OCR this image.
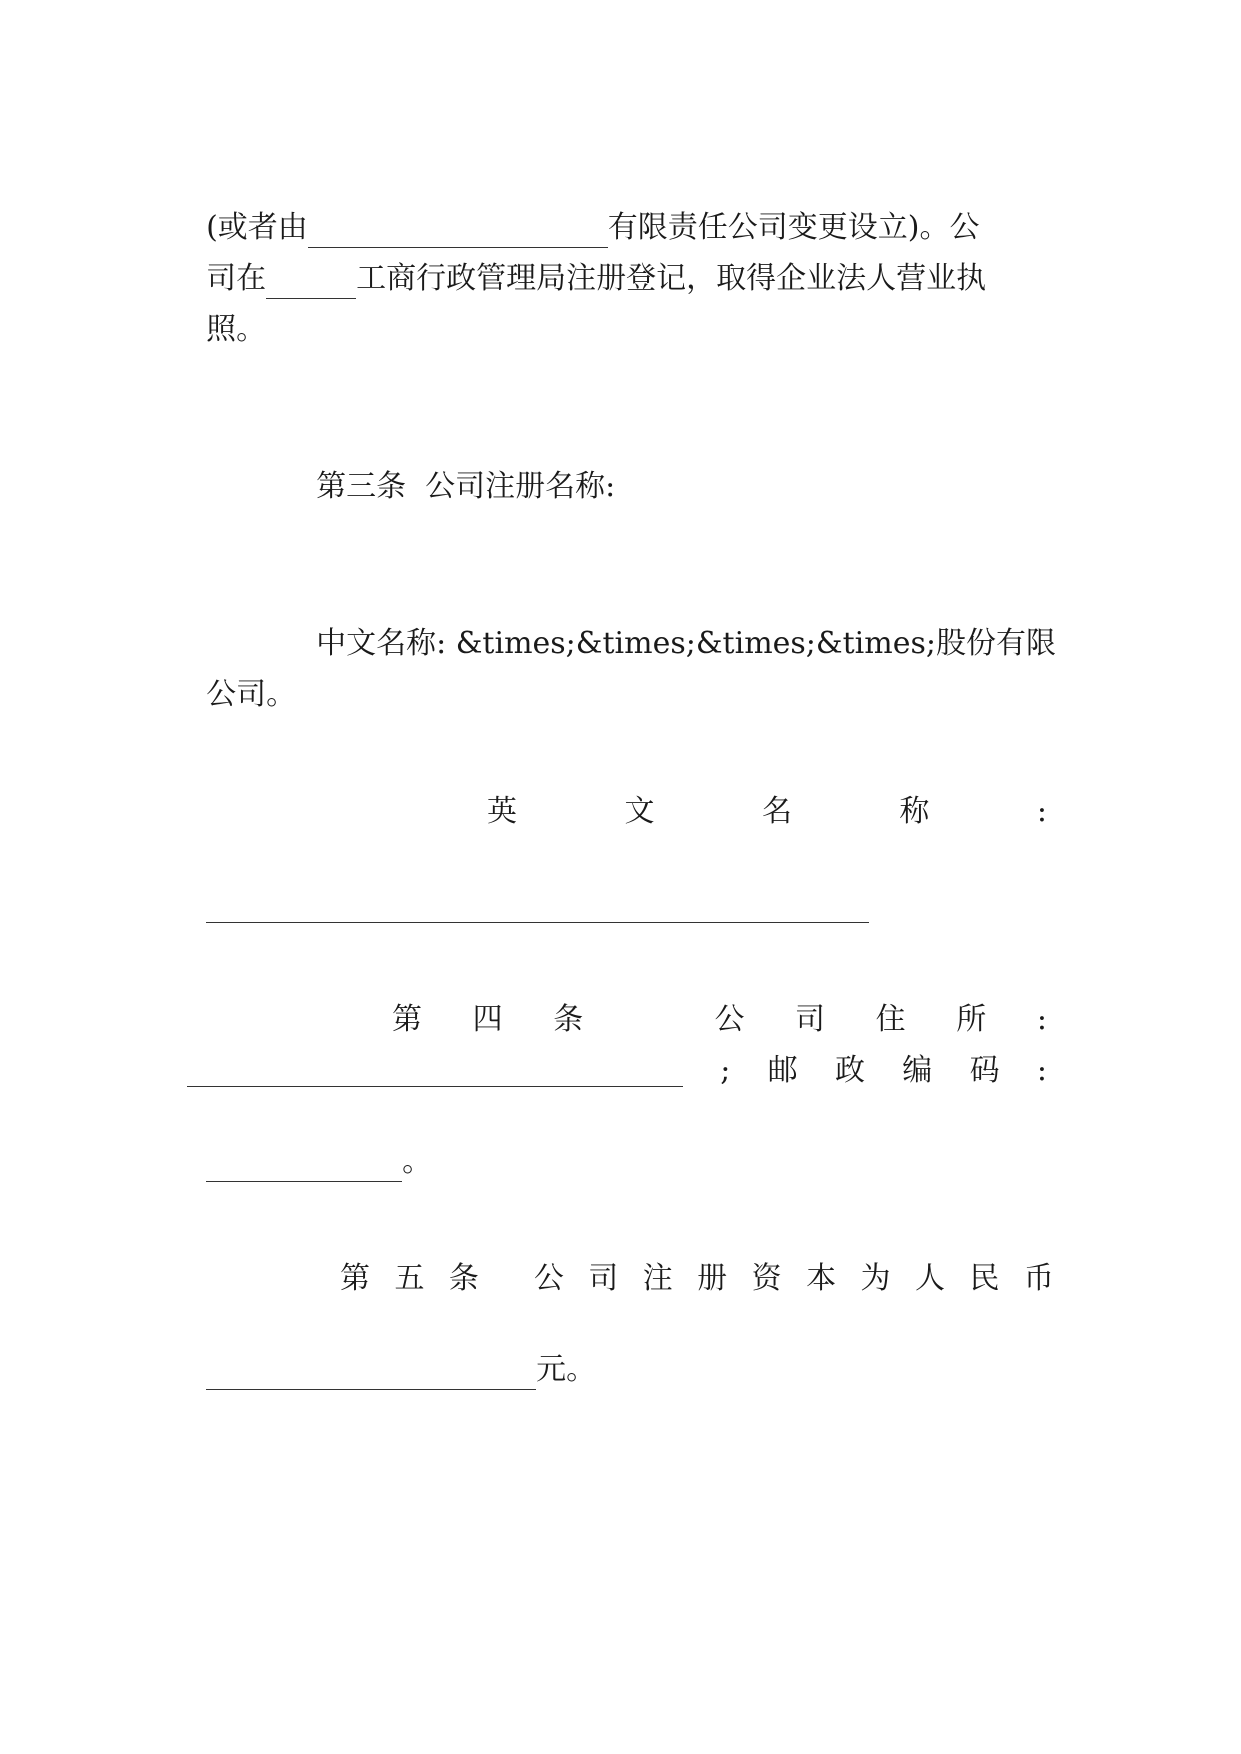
(或者由	有限责任公司变更设立)。公

司在	工商行政管理局注册登记，取得企业法人营业执

照。

第三条  公司注册名称:

中文名称: &times;&times;&times;&times;股份有限

公司。

英	文	名	称	:

第 四 条	公 司 住 所 :
; 邮 政 编 码 :

。

第 五 条 公 司 注 册 资 本 为 人 民 币

元。
